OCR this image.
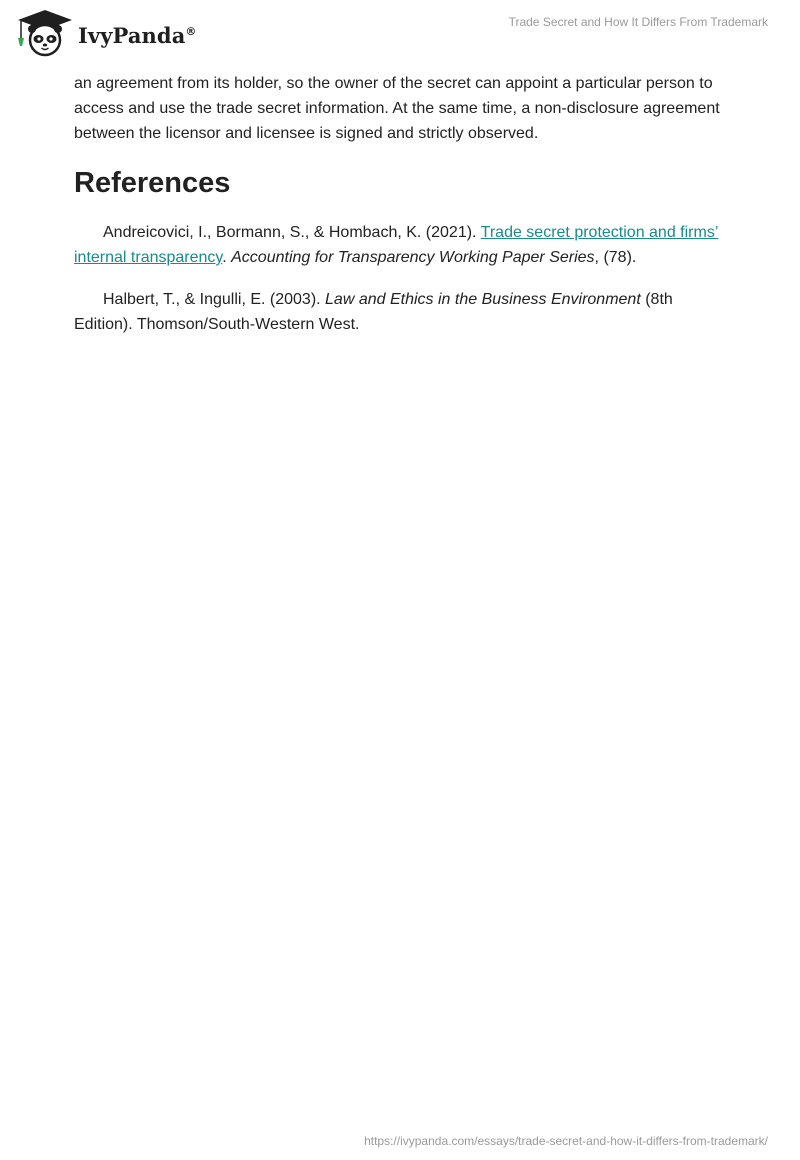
IvyPanda®
Trade Secret and How It Differs From Trademark

an agreement from its holder, so the owner of the secret can appoint a particular person to access and use the trade secret information. At the same time, a non-disclosure agreement between the licensor and licensee is signed and strictly observed.

References

Andreicovici, I., Bormann, S., & Hombach, K. (2021). Trade secret protection and firms’ internal transparency. Accounting for Transparency Working Paper Series, (78).

Halbert, T., & Ingulli, E. (2003). Law and Ethics in the Business Environment (8th Edition). Thomson/South-Western West.

https://ivypanda.com/essays/trade-secret-and-how-it-differs-from-trademark/
